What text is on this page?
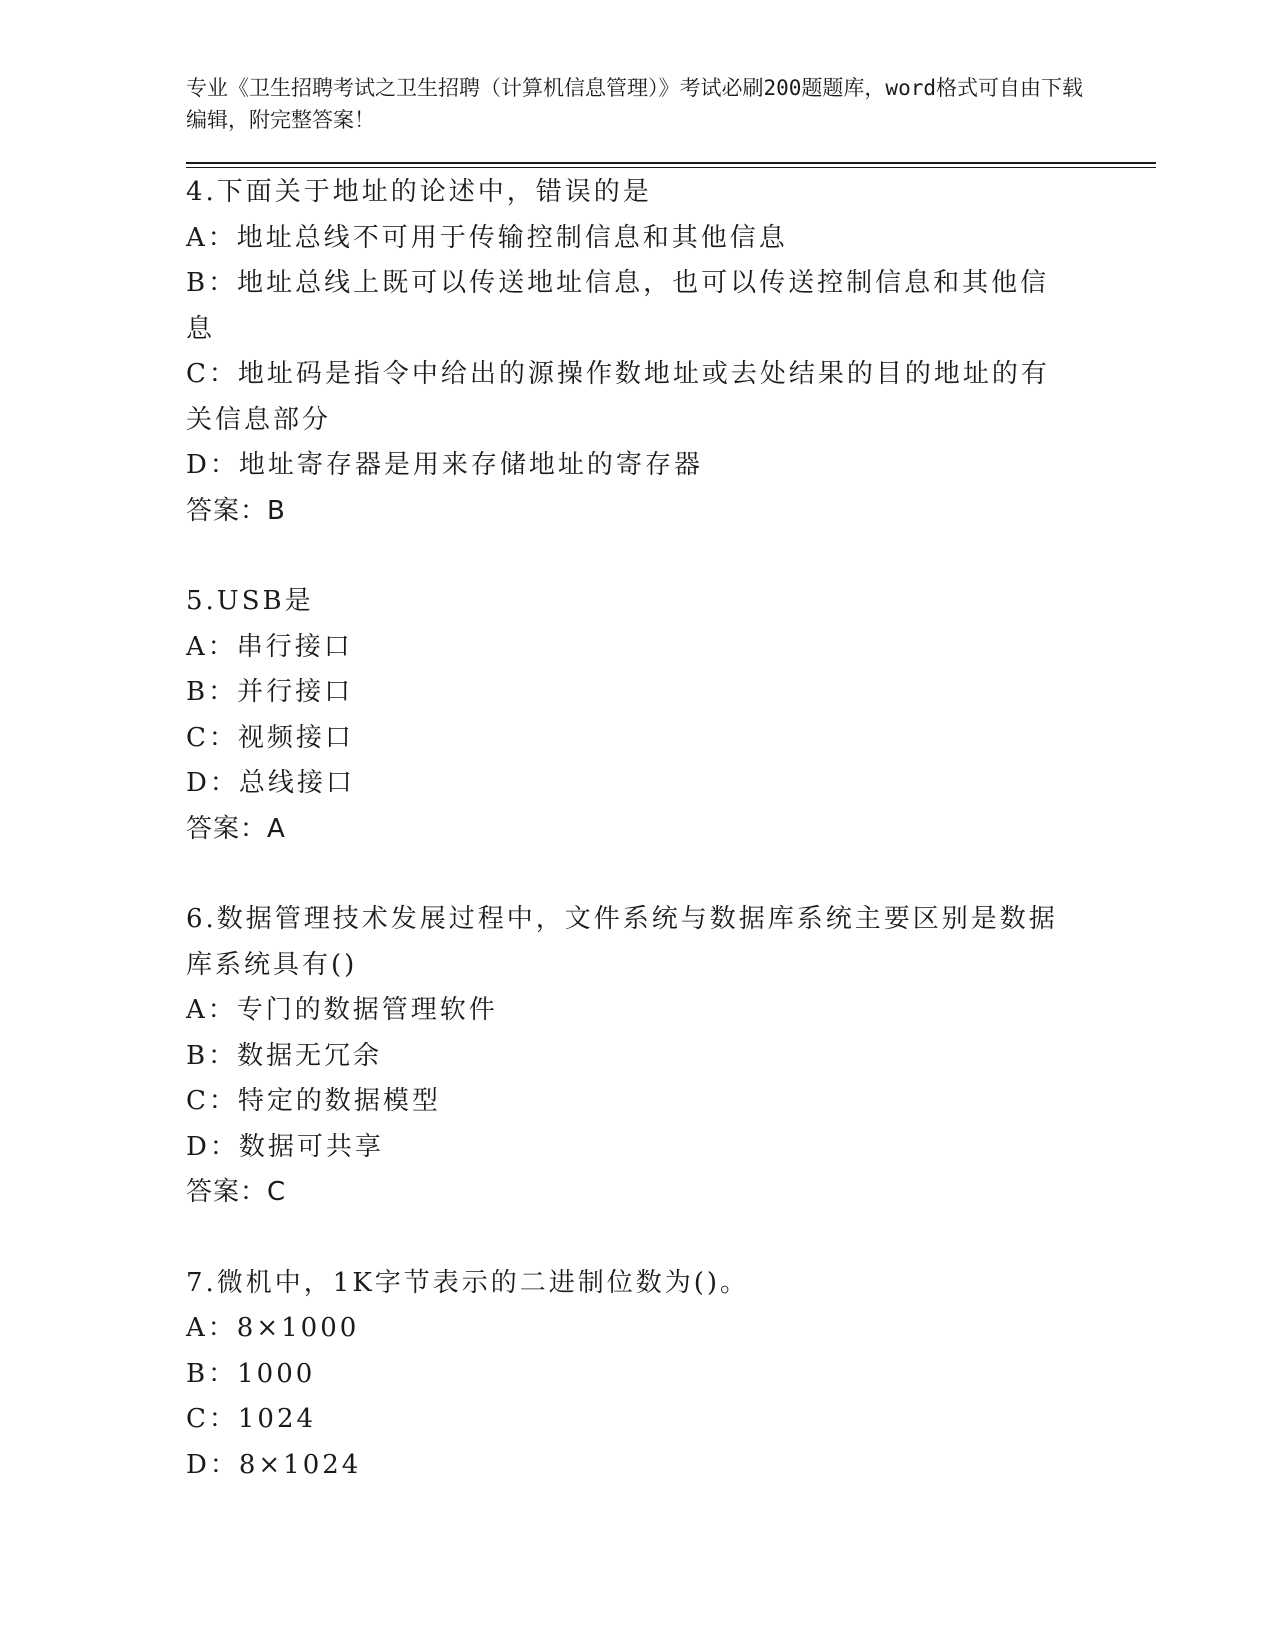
专业《卫生招聘考试之卫生招聘（计算机信息管理）》考试必刷200题题库，word格式可自由下载编辑，附完整答案！
4.下面关于地址的论述中，错误的是
A：地址总线不可用于传输控制信息和其他信息
B：地址总线上既可以传送地址信息，也可以传送控制信息和其他信息
C：地址码是指令中给出的源操作数地址或去处结果的目的地址的有关信息部分
D：地址寄存器是用来存储地址的寄存器
答案：B
5.USB是
A：串行接口
B：并行接口
C：视频接口
D：总线接口
答案：A
6.数据管理技术发展过程中，文件系统与数据库系统主要区别是数据库系统具有()
A：专门的数据管理软件
B：数据无冗余
C：特定的数据模型
D：数据可共享
答案：C
7.微机中，1K字节表示的二进制位数为()。
A：8×1000
B：1000
C：1024
D：8×1024
